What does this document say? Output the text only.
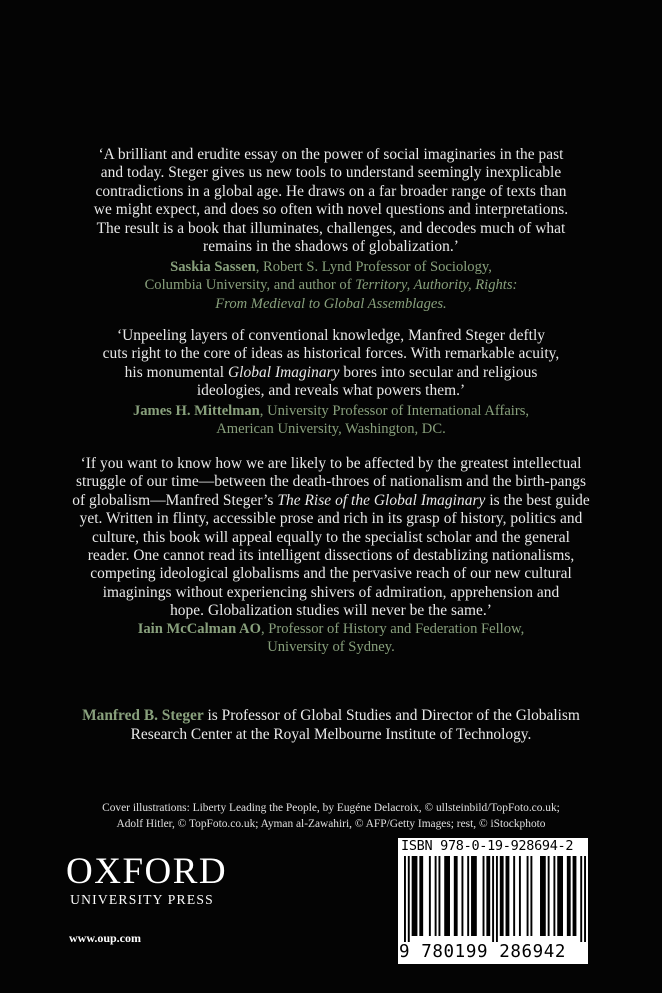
‘A brilliant and erudite essay on the power of social imaginaries in the past
and today. Steger gives us new tools to understand seemingly inexplicable
contradictions in a global age. He draws on a far broader range of texts than
we might expect, and does so often with novel questions and interpretations.
The result is a book that illuminates, challenges, and decodes much of what
remains in the shadows of globalization.’
Saskia Sassen, Robert S. Lynd Professor of Sociology,
Columbia University, and author of Territory, Authority, Rights:
From Medieval to Global Assemblages.
‘Unpeeling layers of conventional knowledge, Manfred Steger deftly
cuts right to the core of ideas as historical forces. With remarkable acuity,
his monumental Global Imaginary bores into secular and religious
ideologies, and reveals what powers them.’
James H. Mittelman, University Professor of International Affairs,
American University, Washington, DC.
‘If you want to know how we are likely to be affected by the greatest intellectual
struggle of our time—between the death-throes of nationalism and the birth-pangs
of globalism—Manfred Steger’s The Rise of the Global Imaginary is the best guide
yet. Written in flinty, accessible prose and rich in its grasp of history, politics and
culture, this book will appeal equally to the specialist scholar and the general
reader. One cannot read its intelligent dissections of destablizing nationalisms,
competing ideological globalisms and the pervasive reach of our new cultural
imaginings without experiencing shivers of admiration, apprehension and
hope. Globalization studies will never be the same.’
Iain McCalman AO, Professor of History and Federation Fellow,
University of Sydney.
Manfred B. Steger is Professor of Global Studies and Director of the Globalism
Research Center at the Royal Melbourne Institute of Technology.
Cover illustrations: Liberty Leading the People, by Eugéne Delacroix, © ullsteinbild/TopFoto.co.uk;
Adolf Hitler, © TopFoto.co.uk; Ayman al-Zawahiri, © AFP/Getty Images; rest, © iStockphoto
OXFORD
UNIVERSITY PRESS
www.oup.com
ISBN 978-0-19-928694-2
9 780199 286942
